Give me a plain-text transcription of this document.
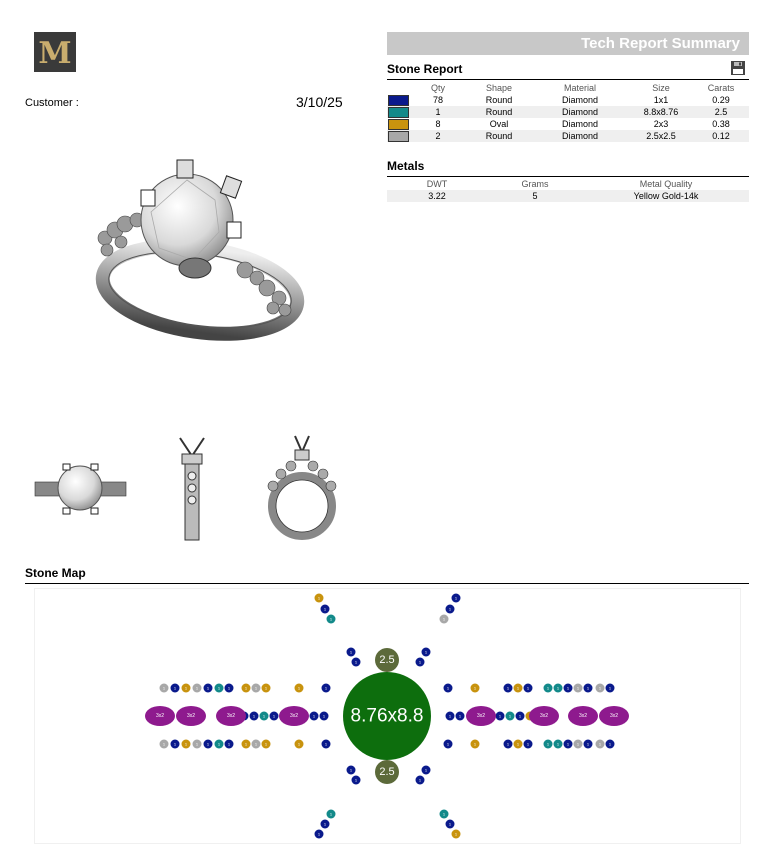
M
Customer :	3/10/25
Tech Report Summary
Stone Report
	Qty	Shape	Material	Size	Carats
	78	Round	Diamond	1x1	0.29
	1	Round	Diamond	8.8x8.76	2.5
	8	Oval	Diamond	2x3	0.38
	2	Round	Diamond	2.5x2.5	0.12
Metals
DWT	Grams	Metal Quality
3.22	5	Yellow Gold-14k
Stone Map
1
1
1
1
1
1
1
1
1
1
1
1
1
1
1
1
1
1
1
1
1
1
1
1
1
1
1
1
1
1
1
1
1
1
1
1
1
1
1
1
1
1
1
1
1
1
1
1
1 1 1	1 1	1 1	1 1 1
3x2	3x2	3x2	3x2	3x2	3x2	3x2	3x2
1
1
1
1
1
1
1
1
1
1
1
1
1
1
1
1
1
1
1
1
2.5
2.5
8.76x8.8
